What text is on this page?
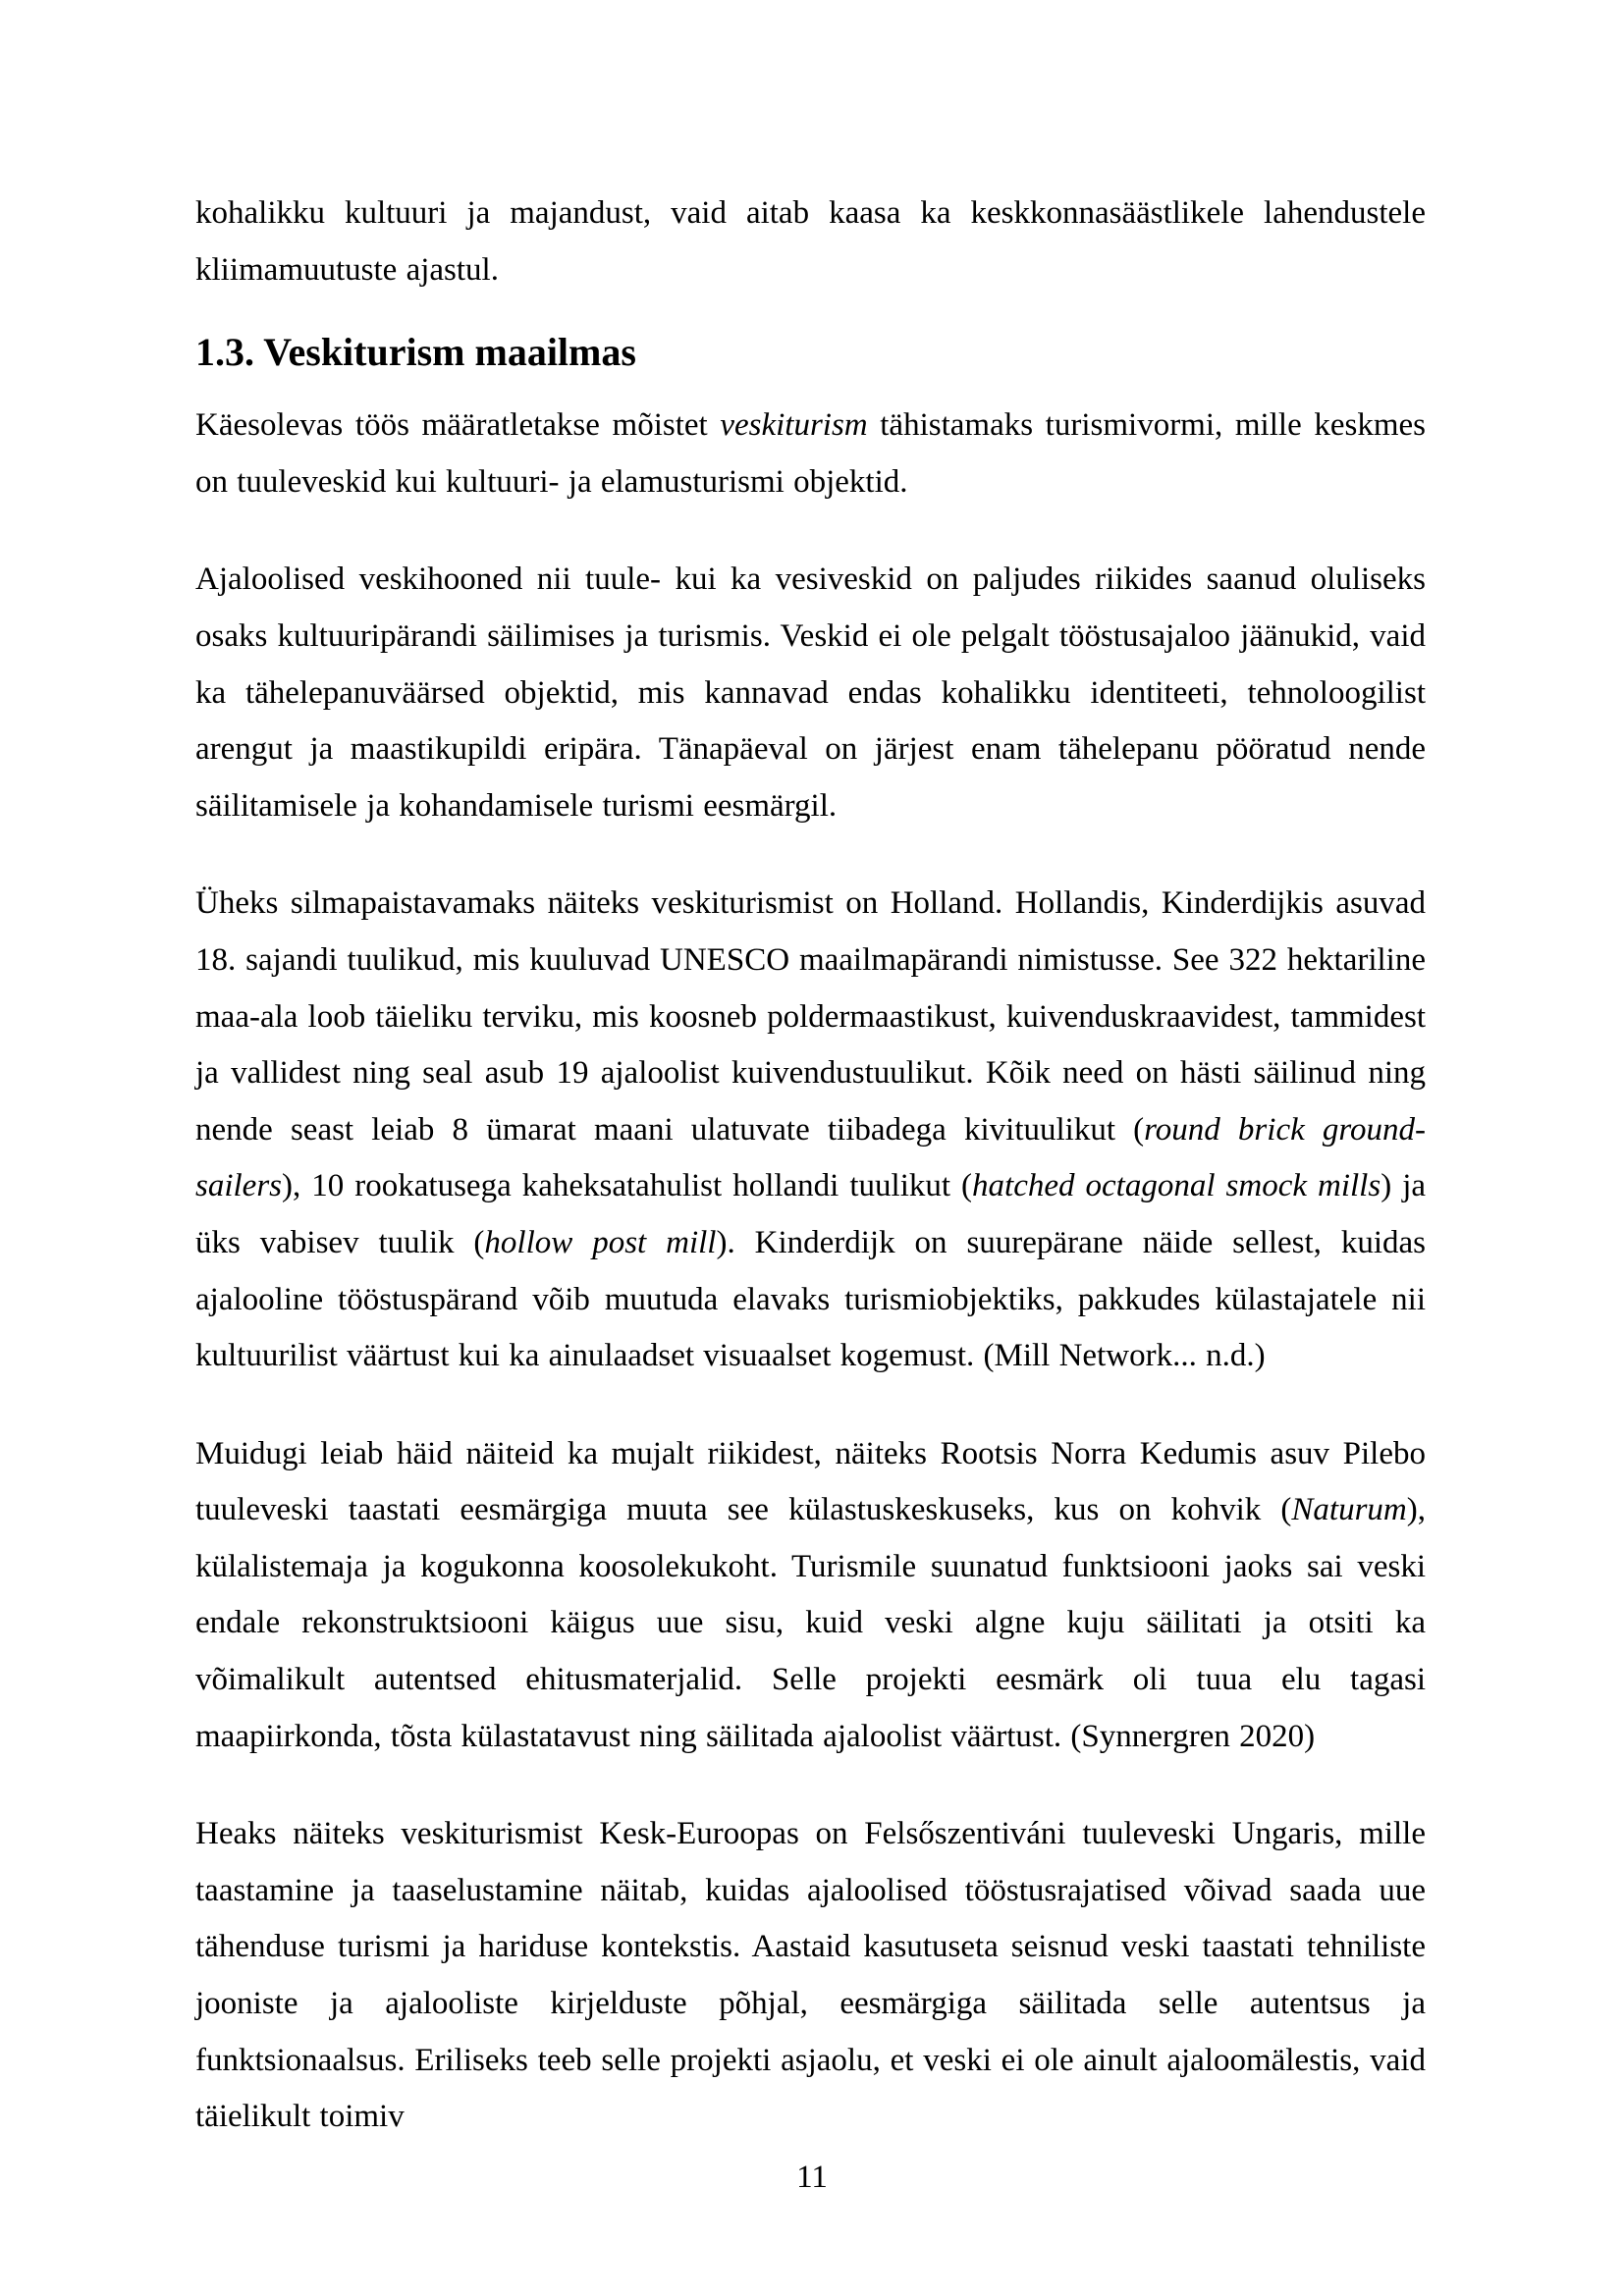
kohalikku kultuuri ja majandust, vaid aitab kaasa ka keskkonnasäästlikele lahendustele kliimamuutuste ajastul.

1.3. Veskiturism maailmas

Käesolevas töös määratletakse mõistet veskiturism tähistamaks turismivormi, mille keskmes on tuuleveskid kui kultuuri- ja elamusturismi objektid.

Ajaloolised veskihooned nii tuule- kui ka vesiveskid on paljudes riikides saanud oluliseks osaks kultuuripärandi säilimises ja turismis. Veskid ei ole pelgalt tööstusajaloo jäänukid, vaid ka tähelepanuväärsed objektid, mis kannavad endas kohalikku identiteeti, tehnoloogilist arengut ja maastikupildi eripära. Tänapäeval on järjest enam tähelepanu pööratud nende säilitamisele ja kohandamisele turismi eesmärgil.

Üheks silmapaistavamaks näiteks veskiturismist on Holland. Hollandis, Kinderdijkis asuvad 18. sajandi tuulikud, mis kuuluvad UNESCO maailmapärandi nimistusse. See 322 hektariline maa-ala loob täieliku terviku, mis koosneb poldermaastikust, kuivenduskraavidest, tammidest ja vallidest ning seal asub 19 ajaloolist kuivendustuulikut. Kõik need on hästi säilinud ning nende seast leiab 8 ümarat maani ulatuvate tiibadega kivituulikut (round brick ground-sailers), 10 rookatusega kaheksatahulist hollandi tuulikut (hatched octagonal smock mills) ja üks vabisev tuulik (hollow post mill). Kinderdijk on suurepärane näide sellest, kuidas ajalooline tööstuspärand võib muutuda elavaks turismiobjektiks, pakkudes külastajatele nii kultuurilist väärtust kui ka ainulaadset visuaalset kogemust. (Mill Network... n.d.)

Muidugi leiab häid näiteid ka mujalt riikidest, näiteks Rootsis Norra Kedumis asuv Pilebo tuuleveski taastati eesmärgiga muuta see külastuskeskuseks, kus on kohvik (Naturum), külalistemaja ja kogukonna koosolekukoht. Turismile suunatud funktsiooni jaoks sai veski endale rekonstruktsiooni käigus uue sisu, kuid veski algne kuju säilitati ja otsiti ka võimalikult autentsed ehitusmaterjalid. Selle projekti eesmärk oli tuua elu tagasi maapiirkonda, tõsta külastatavust ning säilitada ajaloolist väärtust. (Synnergren 2020)

Heaks näiteks veskiturismist Kesk-Euroopas on Felsőszentiváni tuuleveski Ungaris, mille taastamine ja taaselustamine näitab, kuidas ajaloolised tööstusrajatised võivad saada uue tähenduse turismi ja hariduse kontekstis. Aastaid kasutuseta seisnud veski taastati tehniliste jooniste ja ajalooliste kirjelduste põhjal, eesmärgiga säilitada selle autentsus ja funktsionaalsus. Eriliseks teeb selle projekti asjaolu, et veski ei ole ainult ajaloomälestis, vaid täielikult toimiv

11
